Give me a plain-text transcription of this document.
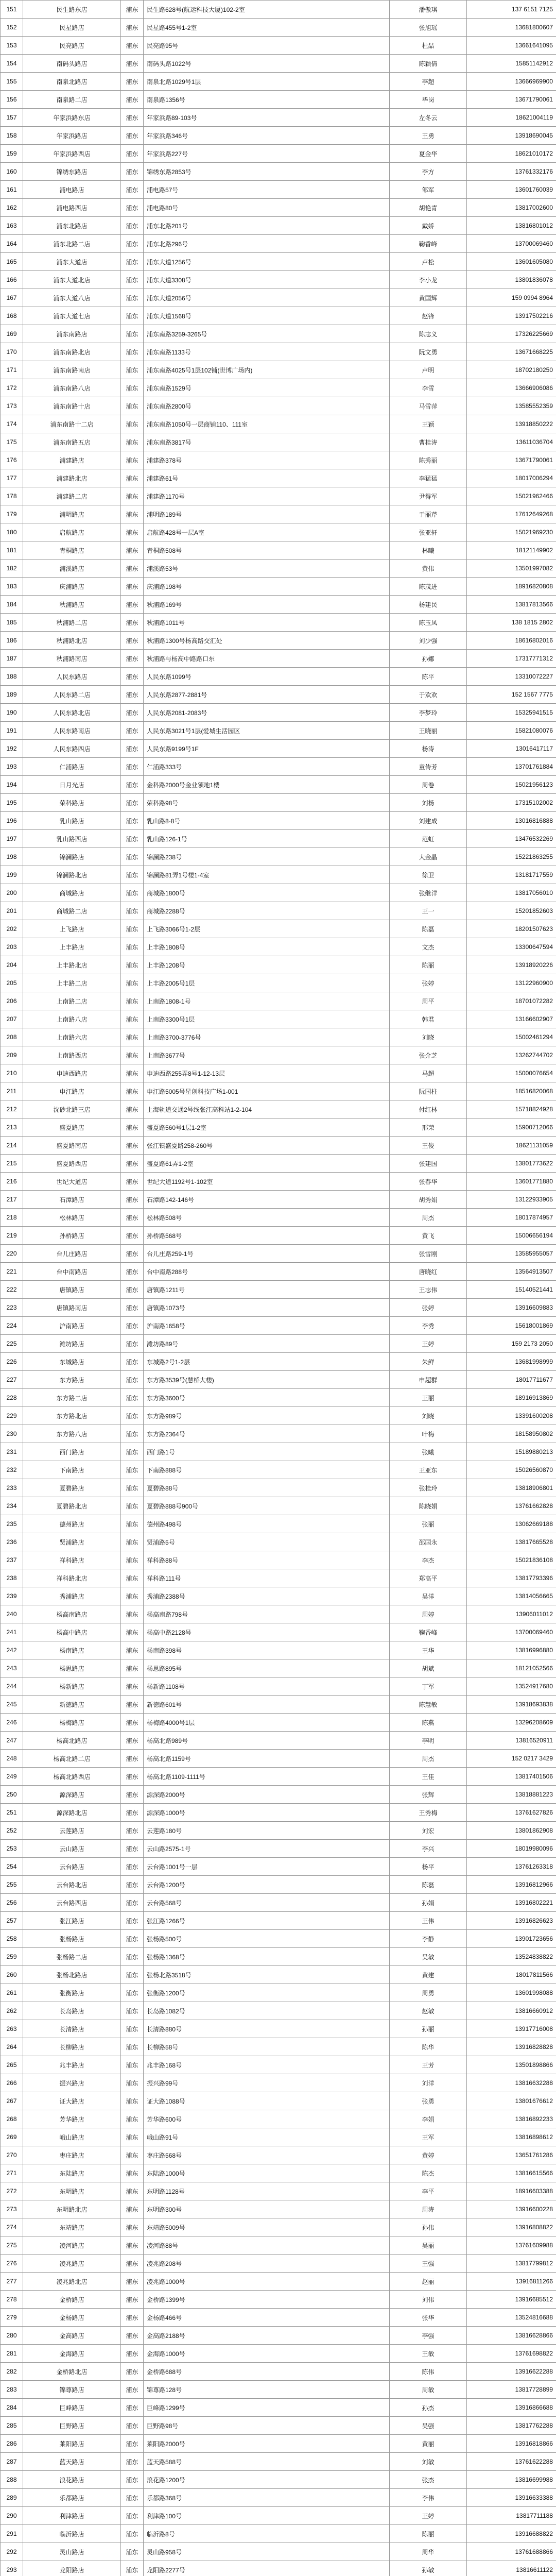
151	民生路东店	浦东	民生路628号(航运科技大厦)102-2室	潘傲琪	137 6151 7125
152	民星路店	浦东	民星路455号1-2室	张旭瑶	13681800607
153	民亮路店	浦东	民亮路95号	杜喆	13661641095
154	南码头路店	浦东	南码头路1022号	陈颖倩	15851142912
155	南泉北路店	浦东	南泉北路1029号1层	李超	13666969900
156	南泉路二店	浦东	南泉路1356号	毕岗	13671790061
157	年家浜路东店	浦东	年家浜路89-103号	左冬云	18621004119
158	年家浜路店	浦东	年家浜路346号	王勇	13918690045
159	年家浜路西店	浦东	年家浜路227号	夏金华	18621010172
160	锦绣东路店	浦东	锦绣东路2853号	李方	13761332176
161	浦电路店	浦东	浦电路57号	邹军	13601760039
162	浦电路西店	浦东	浦电路80号	胡艳青	13817002600
163	浦东北路店	浦东	浦东北路201号	戴娇	13816801012
164	浦东北路二店	浦东	浦东北路296号	鞠香峰	13700069460
165	浦东大道店	浦东	浦东大道1256号	卢松	13601605080
166	浦东大道北店	浦东	浦东大道3308号	李小龙	13801836078
167	浦东大道八店	浦东	浦东大道2056号	黄国辉	159 0994 8964
168	浦东大道七店	浦东	浦东大道1568号	赵锋	13917502216
169	浦东南路店	浦东	浦东南路3259-3265号	陈志义	17326225669
170	浦东南路北店	浦东	浦东南路1133号	阮文勇	13671668225
171	浦东南路南店	浦东	浦东南路4025号1层102铺(世博广场内)	卢明	18702180250
172	浦东南路八店	浦东	浦东南路1529号	李雪	13666906086
173	浦东南路十店	浦东	浦东南路2800号	马雪萍	13585552359
174	浦东南路十二店	浦东	浦东南路1050号一层商铺110、111室	王颖	13918850222
175	浦东南路五店	浦东	浦东南路3817号	曹桂涛	13611036704
176	浦建路店	浦东	浦建路378号	陈秀丽	13671790061
177	浦建路北店	浦东	浦建路61号	李猛猛	18017006294
178	浦建路二店	浦东	浦建路1170号	尹得军	15021962466
179	浦明路店	浦东	浦明路189号	于丽芹	17612649268
180	启航路店	浦东	启航路428号一层A室	张亚轩	15021969230
181	青桐路店	浦东	青桐路508号	林曦	18121149902
182	浦溪路店	浦东	浦溪路53号	黄伟	13501997082
183	庆浦路店	浦东	庆浦路198号	陈茂进	18916820808
184	秋浦路店	浦东	秋浦路169号	杨建民	13817813566
185	秋浦路二店	浦东	秋浦路1011号	陈玉凤	138 1815 2802
186	秋浦路北店	浦东	秋浦路1300号杨高路交汇处	刘少强	18616802016
187	秋浦路南店	浦东	秋浦路与杨高中路路口东	孙娜	17317771312
188	人民东路店	浦东	人民东路1099号	陈平	13310072227
189	人民东路二店	浦东	人民东路2877-2881号	于欢欢	152 1567 7775
190	人民东路北店	浦东	人民东路2081-2083号	李梦玲	15325941515
191	人民东路南店	浦东	人民东路3021号1层(爱城生活园区	王晓丽	15821080076
192	人民东路四店	浦东	人民东路9199号1F	杨涛	13016417117
193	仁浦路店	浦东	仁浦路333号	童传芳	13701761884
194	日月光店	浦东	金科路2000号金业领地1楼	周卷	15021956123
195	荣科路店	浦东	荣科路98号	刘杨	17315102002
196	乳山路店	浦东	乳山路8-8号	刘建成	13016816888
197	乳山路西店	浦东	乳山路126-1号	范虹	13476532269
198	锦澜路店	浦东	锦澜路238号	大金晶	15221863255
199	锦澜路北店	浦东	锦澜路81弄1号楼1-4室	徐卫	13181717559
200	商城路店	浦东	商城路1800号	张继洋	13817056010
201	商城路二店	浦东	商城路2288号	王一	15201852603
202	上飞路店	浦东	上飞路3066号1-2层	陈磊	18201507623
203	上丰路店	浦东	上丰路1808号	文杰	13300647594
204	上丰路北店	浦东	上丰路1208号	陈丽	13918920226
205	上丰路二店	浦东	上丰路2005号1层	张婷	13122960900
206	上南路二店	浦东	上南路1808-1号	周平	18701072282
207	上南路八店	浦东	上南路3300号1层	韩君	13166602907
208	上南路六店	浦东	上南路3700-3776号	刘晓	15002461294
209	上南路西店	浦东	上南路3677号	张介芝	13262744702
210	申迪西路店	浦东	申迪西路255弄8号1-12-13层	马超	15000076654
211	申江路店	浦东	申江路5005号星创科技广场1-001	阮国柱	18516820068
212	沈砂北路三店	浦东	上海轨道交通2号线张江高科站1-2-104	付红林	15718824928
213	盛夏路店	浦东	盛夏路560号1层1-2室	邢荣	15900712066
214	盛夏路南店	浦东	张江镇盛夏路258-260号	王俊	18621131059
215	盛夏路西店	浦东	盛夏路61弄1-2室	张建国	13801773622
216	世纪大道店	浦东	世纪大道1192号1-102室	张春华	13601771880
217	石潭路店	浦东	石潭路142-146号	胡秀娟	13122933905
218	松林路店	浦东	松林路508号	周杰	18017874957
219	孙桥路店	浦东	孙桥路568号	黄飞	15006656194
220	台儿庄路店	浦东	台儿庄路259-1号	张雪刚	13585955057
221	台中南路店	浦东	台中南路288号	唐晓红	13564913507
222	唐镇路店	浦东	唐镇路1211号	王志伟	15140521441
223	唐镇路南店	浦东	唐镇路1073号	张婷	13916609883
224	沪南路店	浦东	沪南路1658号	李秀	15618001869
225	潍坊路店	浦东	潍坊路89号	王婷	159 2173 2050
226	东城路店	浦东	东城路2号1-2层	朱鲜	13681998999
227	东方路店	浦东	东方路3539号(慧桥大楼)	申超群	18017711677
228	东方路二店	浦东	东方路3600号	王丽	18916913869
229	东方路北店	浦东	东方路989号	刘晓	13391600208
230	东方路八店	浦东	东方路2364号	叶梅	18158950802
231	西门路店	浦东	西门路1号	张曦	15189880213
232	下南路店	浦东	下南路888号	王亚东	15026560870
233	夏碧路店	浦东	夏碧路88号	张桂玲	13818906801
234	夏碧路北店	浦东	夏碧路888号900号	陈晓娟	13761662828
235	德州路店	浦东	德州路498号	张丽	13062669188
236	贤浦路店	浦东	贤浦路5号	邵国永	13817665528
237	祥科路店	浦东	祥科路88号	李杰	15021836108
238	祥科路北店	浦东	祥科路111号	郑高平	13817793396
239	秀浦路店	浦东	秀浦路2388号	吴洋	13814056665
240	杨高南路店	浦东	杨高南路798号	周婷	13906011012
241	杨高中路店	浦东	杨高中路2128号	鞠香峰	13700069460
242	杨南路店	浦东	杨南路398号	王华	13816996880
243	杨思路店	浦东	杨思路895号	胡斌	18121052566
244	杨新路店	浦东	杨新路1108号	丁军	13524917680
245	新德路店	浦东	新德路601号	陈慧敏	13918693838
246	杨梅路店	浦东	杨梅路4000号1层	陈燕	13296208609
247	杨高北路店	浦东	杨高北路989号	李明	13816520911
248	杨高北路二店	浦东	杨高北路1159号	周杰	152 0217 3429
249	杨高北路西店	浦东	杨高北路1109-1111号	王佳	13817401506
250	源深路店	浦东	源深路2000号	张辉	13818881223
251	源深路北店	浦东	源深路1000号	王秀梅	13761627826
252	云莲路店	浦东	云莲路180号	刘宏	13801862908
253	云山路店	浦东	云山路2575-1号	李兴	18019980096
254	云台路店	浦东	云台路1001号一层	杨平	13761263318
255	云台路北店	浦东	云台路1200号	陈磊	13916812966
256	云台路西店	浦东	云台路568号	孙娟	13916802221
257	张江路店	浦东	张江路1266号	王伟	13916826623
258	张杨路店	浦东	张杨路500号	李静	13901723656
259	张杨路二店	浦东	张杨路1368号	吴敏	13524838822
260	张杨北路店	浦东	张杨北路3518号	黄建	18017811566
261	张衡路店	浦东	张衡路1200号	周勇	13601998088
262	长岛路店	浦东	长岛路1082号	赵敏	13816660912
263	长清路店	浦东	长清路880号	孙丽	13917716008
264	长柳路店	浦东	长柳路58号	陈华	13916828828
265	兆丰路店	浦东	兆丰路168号	王芳	13501898866
266	振兴路店	浦东	振兴路99号	刘洋	13816632288
267	证大路店	浦东	证大路1088号	张勇	13801676612
268	芳华路店	浦东	芳华路600号	李娟	13816892233
269	峨山路店	浦东	峨山路91号	王军	13816898612
270	枣庄路店	浦东	枣庄路568号	黄婷	13651761286
271	东陆路店	浦东	东陆路1000号	陈杰	13816615566
272	东明路店	浦东	东明路1128号	李平	18916603388
273	东明路北店	浦东	东明路300号	周涛	13916600228
274	东靖路店	浦东	东靖路5009号	孙伟	13916808822
275	凌河路店	浦东	凌河路88号	吴丽	13761609988
276	凌兆路店	浦东	凌兆路208号	王强	13817799812
277	凌兆路北店	浦东	凌兆路1000号	赵丽	13916811266
278	金桥路店	浦东	金桥路1399号	刘伟	13916685512
279	金杨路店	浦东	金杨路466号	张华	13524816688
280	金高路店	浦东	金高路2188号	李强	13816628866
281	金海路店	浦东	金海路1000号	王敏	13761698822
282	金桥路北店	浦东	金桥路688号	陈伟	13916622288
283	锦尊路店	浦东	锦尊路128号	周敏	13817728899
284	巨峰路店	浦东	巨峰路1299号	孙杰	13916866688
285	巨野路店	浦东	巨野路98号	吴强	13817762288
286	莱阳路店	浦东	莱阳路2000号	黄丽	13916818866
287	蓝天路店	浦东	蓝天路588号	刘敏	13761622288
288	浪花路店	浦东	浪花路1200号	张杰	13816699988
289	乐都路店	浦东	乐都路368号	李伟	13916633388
290	利津路店	浦东	利津路100号	王婷	13817711188
291	临沂路店	浦东	临沂路8号	陈丽	13916688822
292	灵山路店	浦东	灵山路958号	周华	13761688866
293	龙阳路店	浦东	龙阳路2277号	孙敏	13816611122
